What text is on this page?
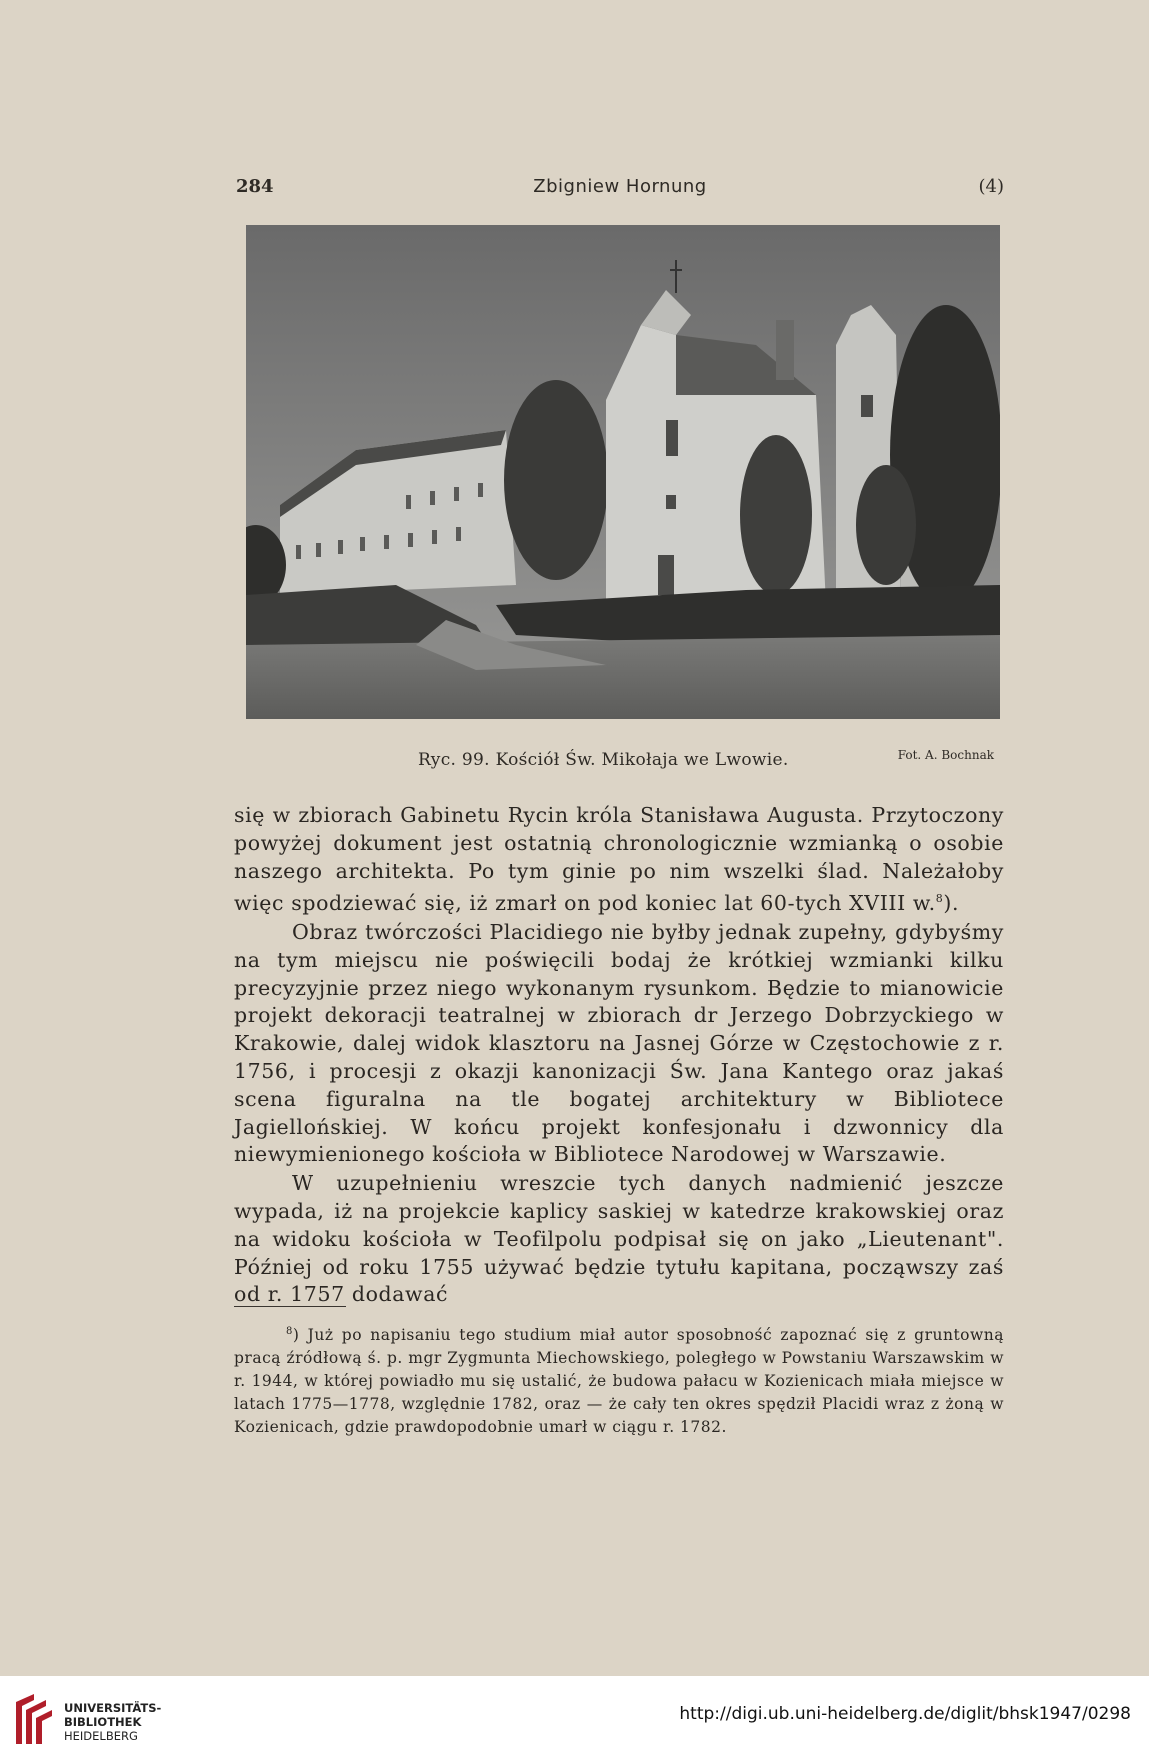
284	Zbigniew Hornung	(4)
Ryc. 99. Kościół Św. Mikołaja we Lwowie.	Fot. A. Bochnak

się w zbiorach Gabinetu Rycin króla Stanisława Augusta. Przytoczony powyżej dokument jest ostatnią chronologicznie wzmianką o osobie naszego architekta. Po tym ginie po nim wszelki ślad. Należałoby więc spodziewać się, iż zmarł on pod koniec lat 60-tych XVIII w.$^8$).

Obraz twórczości Placidiego nie byłby jednak zupełny, gdybyśmy na tym miejscu nie poświęcili bodaj że krótkiej wzmianki kilku precyzyjnie przez niego wykonanym rysunkom. Będzie to mianowicie projekt dekoracji teatralnej w zbiorach dr Jerzego Dobrzyckiego w Krakowie, dalej widok klasztoru na Jasnej Górze w Częstochowie z r. 1756, i procesji z okazji kanonizacji Św. Jana Kantego oraz jakaś scena figuralna na tle bogatej architektury w Bibliotece Jagiellońskiej. W końcu projekt konfesjonału i dzwonnicy dla niewymienionego kościoła w Bibliotece Narodowej w Warszawie.

W uzupełnieniu wreszcie tych danych nadmienić jeszcze wypada, iż na projekcie kaplicy saskiej w katedrze krakowskiej oraz na widoku kościoła w Teofilpolu podpisał się on jako „Lieutenant". Później od roku 1755 używać będzie tytułu kapitana, począwszy zaś od r. 1757 dodawać

$^8$) Już po napisaniu tego studium miał autor sposobność zapoznać się z gruntowną pracą źródłową ś. p. mgr Zygmunta Miechowskiego, poległego w Powstaniu Warszawskim w r. 1944, w której powiadło mu się ustalić, że budowa pałacu w Kozienicach miała miejsce w latach 1775—1778, względnie 1782, oraz — że cały ten okres spędził Placidi wraz z żoną w Kozienicach, gdzie prawdopodobnie umarł w ciągu r. 1782.

UNIVERSITÄTS-
BIBLIOTHEK
HEIDELBERG
http://digi.ub.uni-heidelberg.de/diglit/bhsk1947/0298
